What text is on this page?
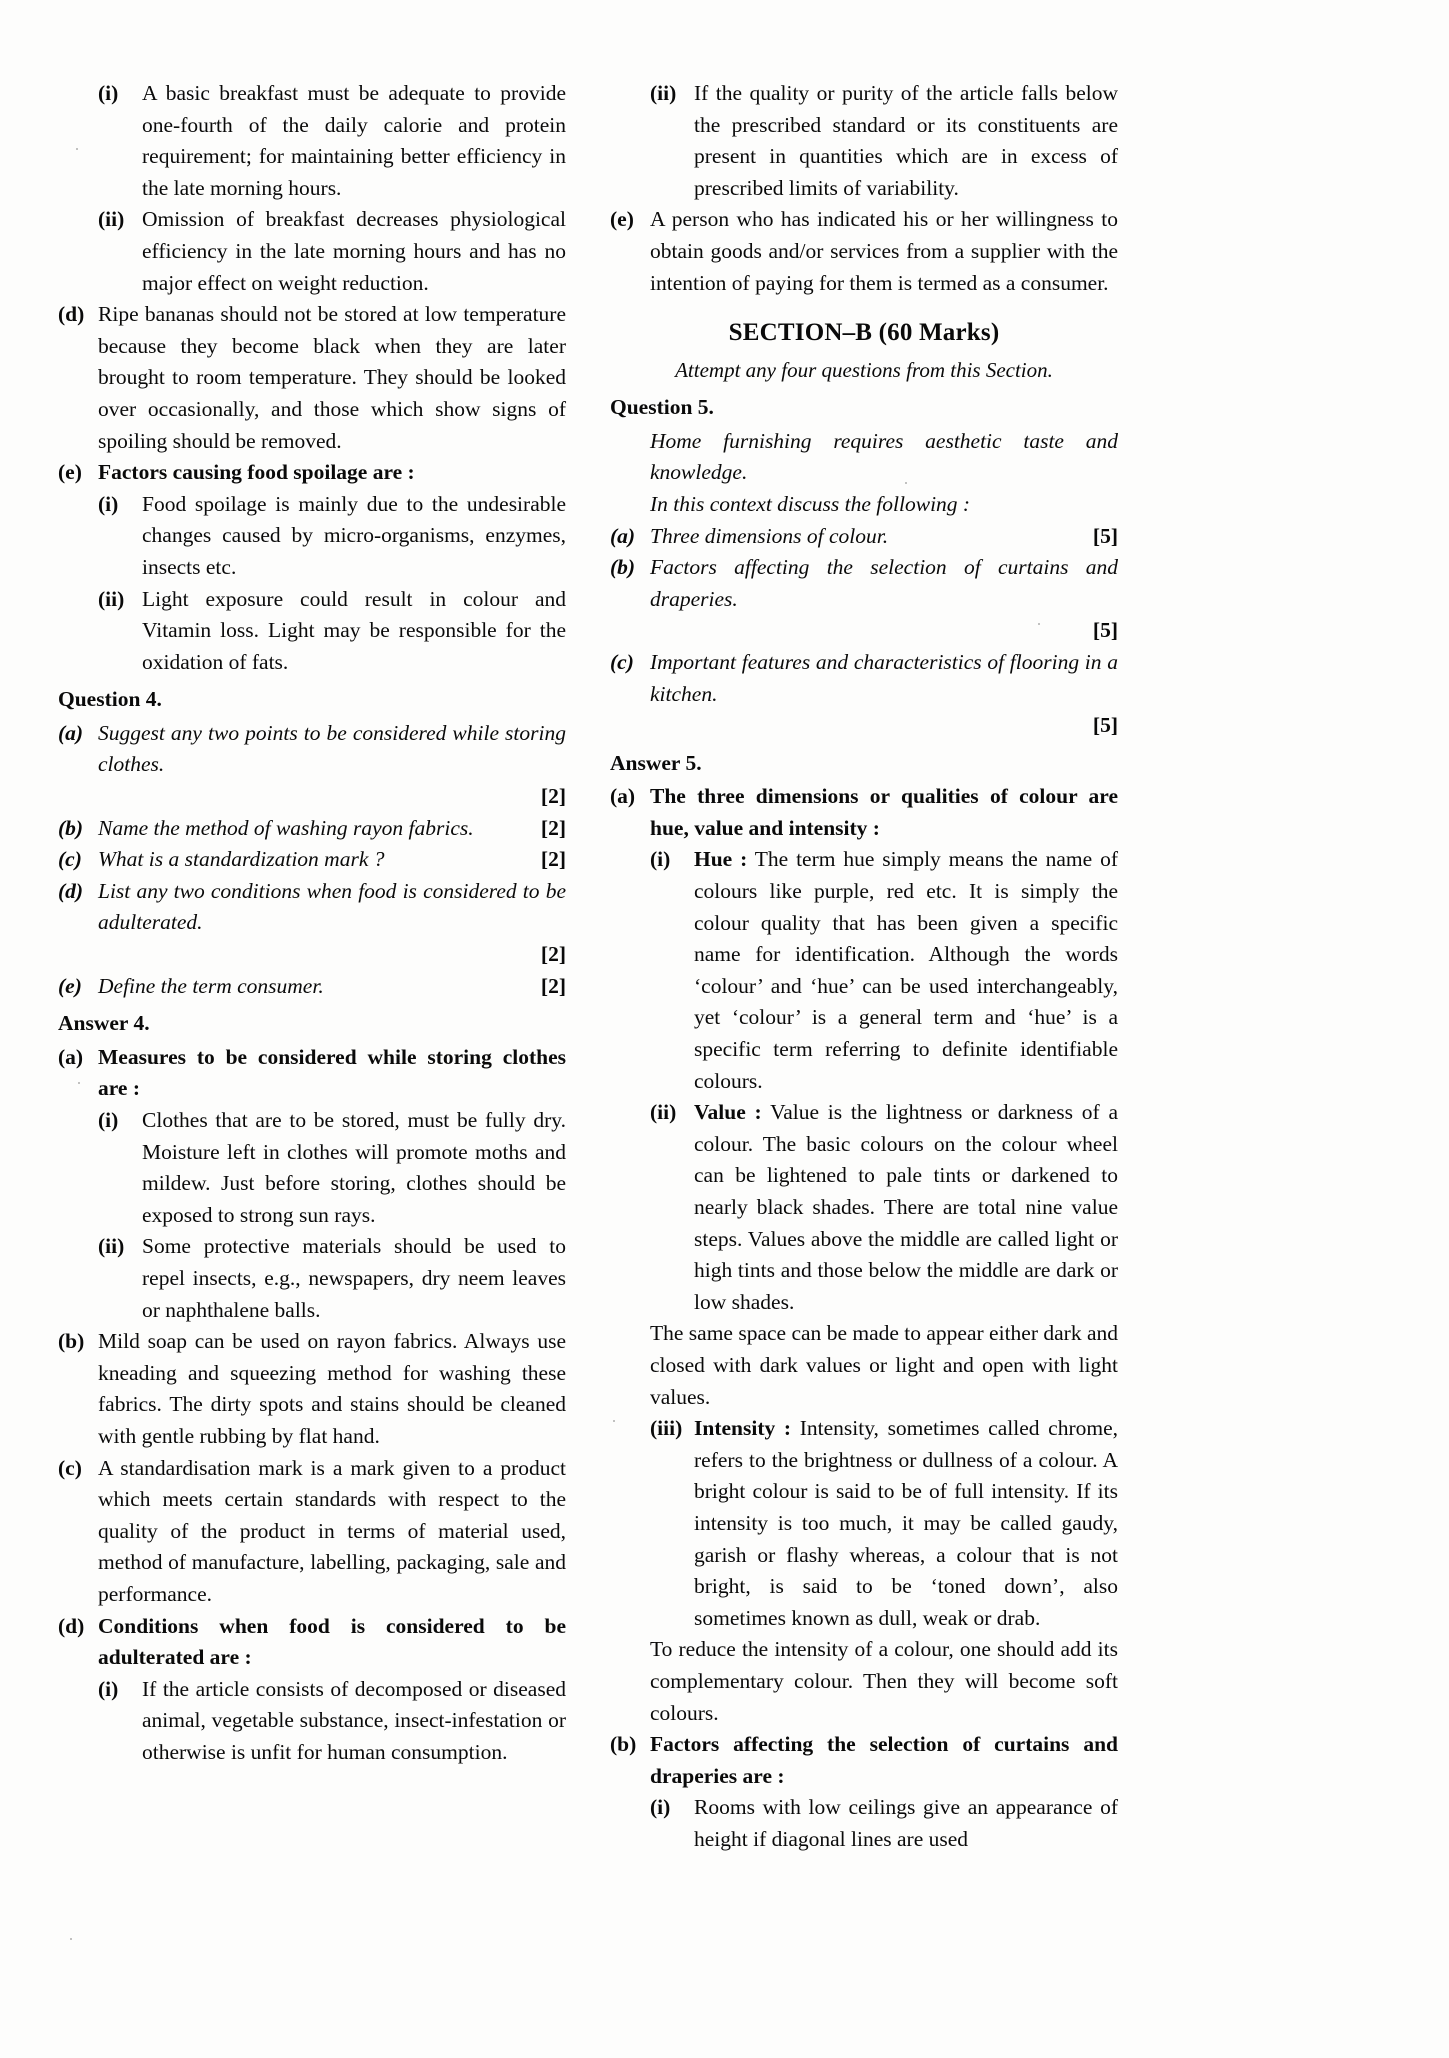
(i)	A basic breakfast must be adequate to provide one-fourth of the daily calorie and protein requirement; for maintaining better efficiency in the late morning hours.
(ii) Omission of breakfast decreases physiological efficiency in the late morning hours and has no major effect on weight reduction.
(d) Ripe bananas should not be stored at low temperature because they become black when they are later brought to room temperature. They should be looked over occasionally, and those which show signs of spoiling should be removed.
(e) Factors causing food spoilage are :
(i)	Food spoilage is mainly due to the undesirable changes caused by micro-organisms, enzymes, insects etc.
(ii) Light exposure could result in colour and Vitamin loss. Light may be responsible for the oxidation of fats.
Question 4.
(a) Suggest any two points to be considered while storing clothes.
[2]
(b) Name the method of washing rayon fabrics.	[2]
(c) What is a standardization mark ?	[2]
(d) List any two conditions when food is considered to be adulterated.
[2]
(e) Define the term consumer.	[2]
Answer 4.
(a) Measures to be considered while storing clothes are :
(i)	Clothes that are to be stored, must be fully dry. Moisture left in clothes will promote moths and mildew. Just before storing, clothes should be exposed to strong sun rays.
(ii) Some protective materials should be used to repel insects, e.g., newspapers, dry neem leaves or naphthalene balls.
(b) Mild soap can be used on rayon fabrics. Always use kneading and squeezing method for washing these fabrics. The dirty spots and stains should be cleaned with gentle rubbing by flat hand.
(c) A standardisation mark is a mark given to a product which meets certain standards with respect to the quality of the product in terms of material used, method of manufacture, labelling, packaging, sale and performance.
(d) Conditions when food is considered to be adulterated are :
(i)	If the article consists of decomposed or diseased animal, vegetable substance, insect-infestation or otherwise is unfit for human consumption.
(ii) If the quality or purity of the article falls below the prescribed standard or its constituents are present in quantities which are in excess of prescribed limits of variability.
(e) A person who has indicated his or her willingness to obtain goods and/or services from a supplier with the intention of paying for them is termed as a consumer.
SECTION–B (60 Marks)
Attempt any four questions from this Section.
Question 5.
Home furnishing requires aesthetic taste and knowledge.
In this context discuss the following :
(a) Three dimensions of colour.	[5]
(b) Factors affecting the selection of curtains and draperies.
[5]
(c) Important features and characteristics of flooring in a kitchen.
[5]
Answer 5.
(a) The three dimensions or qualities of colour are hue, value and intensity :
(i)	Hue : The term hue simply means the name of colours like purple, red etc. It is simply the colour quality that has been given a specific name for identification. Although the words ‘colour’ and ‘hue’ can be used interchangeably, yet ‘colour’ is a general term and ‘hue’ is a specific term referring to definite identifiable colours.
(ii) Value : Value is the lightness or darkness of a colour. The basic colours on the colour wheel can be lightened to pale tints or darkened to nearly black shades. There are total nine value steps. Values above the middle are called light or high tints and those below the middle are dark or low shades.
The same space can be made to appear either dark and closed with dark values or light and open with light values.
(iii) Intensity : Intensity, sometimes called chrome, refers to the brightness or dullness of a colour. A bright colour is said to be of full intensity. If its intensity is too much, it may be called gaudy, garish or flashy whereas, a colour that is not bright, is said to be ‘toned down’, also sometimes known as dull, weak or drab.
To reduce the intensity of a colour, one should add its complementary colour. Then they will become soft colours.
(b) Factors affecting the selection of curtains and draperies are :
(i)	Rooms with low ceilings give an appearance of height if diagonal lines are used
